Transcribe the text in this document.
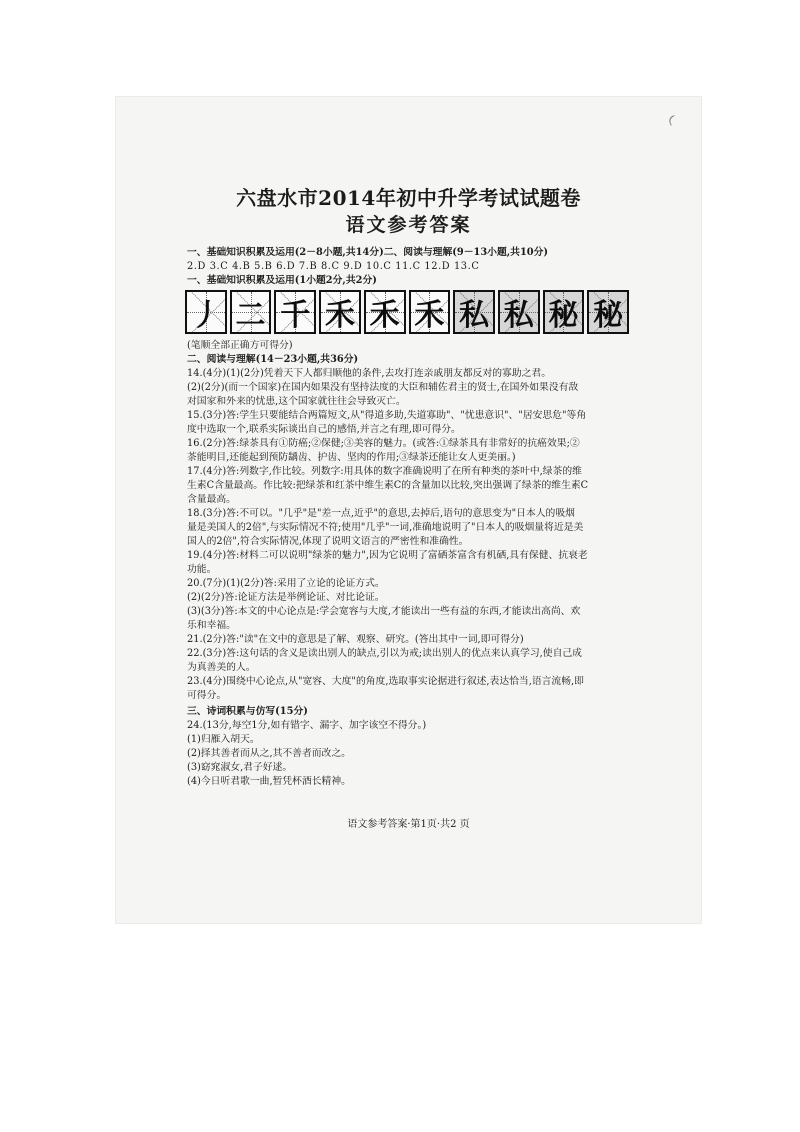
六盘水市2014年初中升学考试试题卷
语文参考答案
一、基础知识积累及运用(2－8小题,共14分)二、阅读与理解(9－13小题,共10分)
2.D 3.C 4.B 5.B 6.D 7.B 8.C 9.D 10.C 11.C 12.D 13.C
一、基础知识积累及运用(1小题2分,共2分)
丿 二 千 禾 禾 禾 私 私 秘 秘
(笔顺全部正确方可得分)
二、阅读与理解(14－23小题,共36分)
14.(4分)(1)(2分)凭着天下人都归顺他的条件,去攻打连亲戚朋友都反对的寡助之君。
(2)(2分)(而一个国家)在国内如果没有坚持法度的大臣和辅佐君主的贤士,在国外如果没有敌
对国家和外来的忧患,这个国家就往往会导致灭亡。
15.(3分)答:学生只要能结合两篇短文,从"得道多助,失道寡助"、"忧患意识"、"居安思危"等角
度中选取一个,联系实际谈出自己的感悟,并言之有理,即可得分。
16.(2分)答:绿茶具有①防癌;②保健;③美容的魅力。(或答:①绿茶具有非常好的抗癌效果;②
茶能明目,还能起到预防龋齿、护齿、坚肉的作用;③绿茶还能让女人更美丽。)
17.(4分)答:列数字,作比较。列数字:用具体的数字准确说明了在所有种类的茶叶中,绿茶的维
生素C含量最高。作比较:把绿茶和红茶中维生素C的含量加以比较,突出强调了绿茶的维生素C
含量最高。
18.(3分)答:不可以。"几乎"是"差一点,近乎"的意思,去掉后,语句的意思变为"日本人的吸烟
量是美国人的2倍",与实际情况不符;使用"几乎"一词,准确地说明了"日本人的吸烟量将近是美
国人的2倍",符合实际情况,体现了说明文语言的严密性和准确性。
19.(4分)答:材料二可以说明"绿茶的魅力",因为它说明了富硒茶富含有机硒,具有保健、抗衰老
功能。
20.(7分)(1)(2分)答:采用了立论的论证方式。
(2)(2分)答:论证方法是举例论证、对比论证。
(3)(3分)答:本文的中心论点是:学会宽容与大度,才能读出一些有益的东西,才能读出高尚、欢
乐和幸福。
21.(2分)答:"读"在文中的意思是了解、观察、研究。(答出其中一词,即可得分)
22.(3分)答:这句话的含义是读出别人的缺点,引以为戒;读出别人的优点来认真学习,使自己成
为真善美的人。
23.(4分)围绕中心论点,从"宽容、大度"的角度,选取事实论据进行叙述,表达恰当,语言流畅,即
可得分。
三、诗词积累与仿写(15分)
24.(13分,每空1分,如有错字、漏字、加字该空不得分。)
(1)归雁入胡天。
(2)择其善者而从之,其不善者而改之。
(3)窈窕淑女,君子好逑。
(4)今日听君歌一曲,暂凭杯酒长精神。
语文参考答案·第1页·共2 页
